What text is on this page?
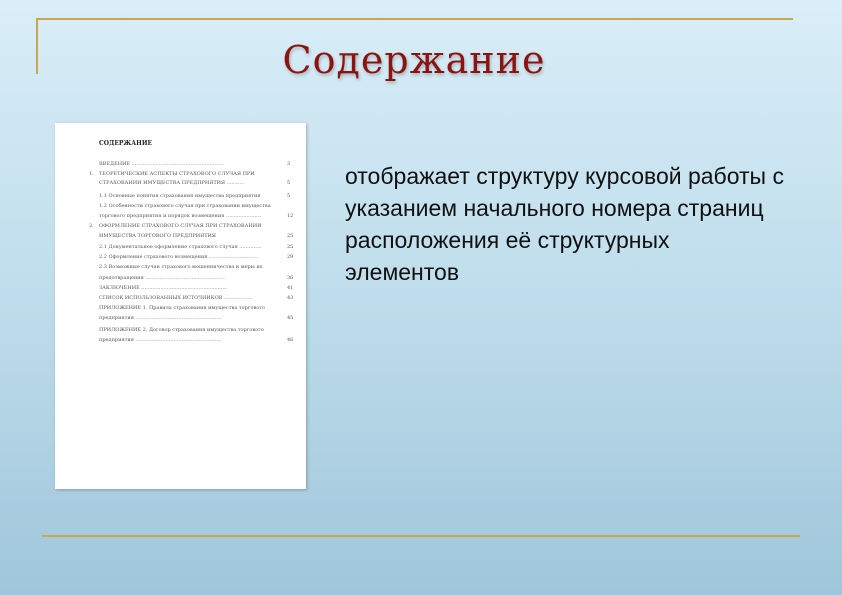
Содержание
СОДЕРЖАНИЕ
ВВЕДЕНИЕ ..........................................................	3
1. ТЕОРЕТИЧЕСКИЕ АСПЕКТЫ СТРАХОВОГО СЛУЧАЯ ПРИ
СТРАХОВАНИИ ИМУЩЕСТВА ПРЕДПРИЯТИЯ ...........	5
1.1 Основные понятия страхования имущества предприятия	5
1.2 Особенности страхового случая при страховании имущества
торгового предприятия и порядок возмещения ......................	12
2. ОФОРМЛЕНИЕ СТРАХОВОГО СЛУЧАЯ ПРИ СТРАХОВАНИИ
ИМУЩЕСТВА ТОРГОВОГО ПРЕДПРИЯТИЯ	25
2.1 Документальное оформление страхового случая ..............	25
2.2 Оформление страхового возмещения ...............................	29
2.3 Возможные случаи страхового мошенничества и меры их
предотвращения ..................................................	36
ЗАКЛЮЧЕНИЕ ......................................................	41
СПИСОК ИСПОЛЬЗОВАННЫХ ИСТОЧНИКОВ ..................	43
ПРИЛОЖЕНИЕ 1. Правила страхования имущества торгового
предприятия ......................................................	45
ПРИЛОЖЕНИЕ 2. Договор страхования имущества торгового
предприятия ......................................................	46

отображает структуру курсовой работы с указанием начального номера страниц расположения её структурных элементов
